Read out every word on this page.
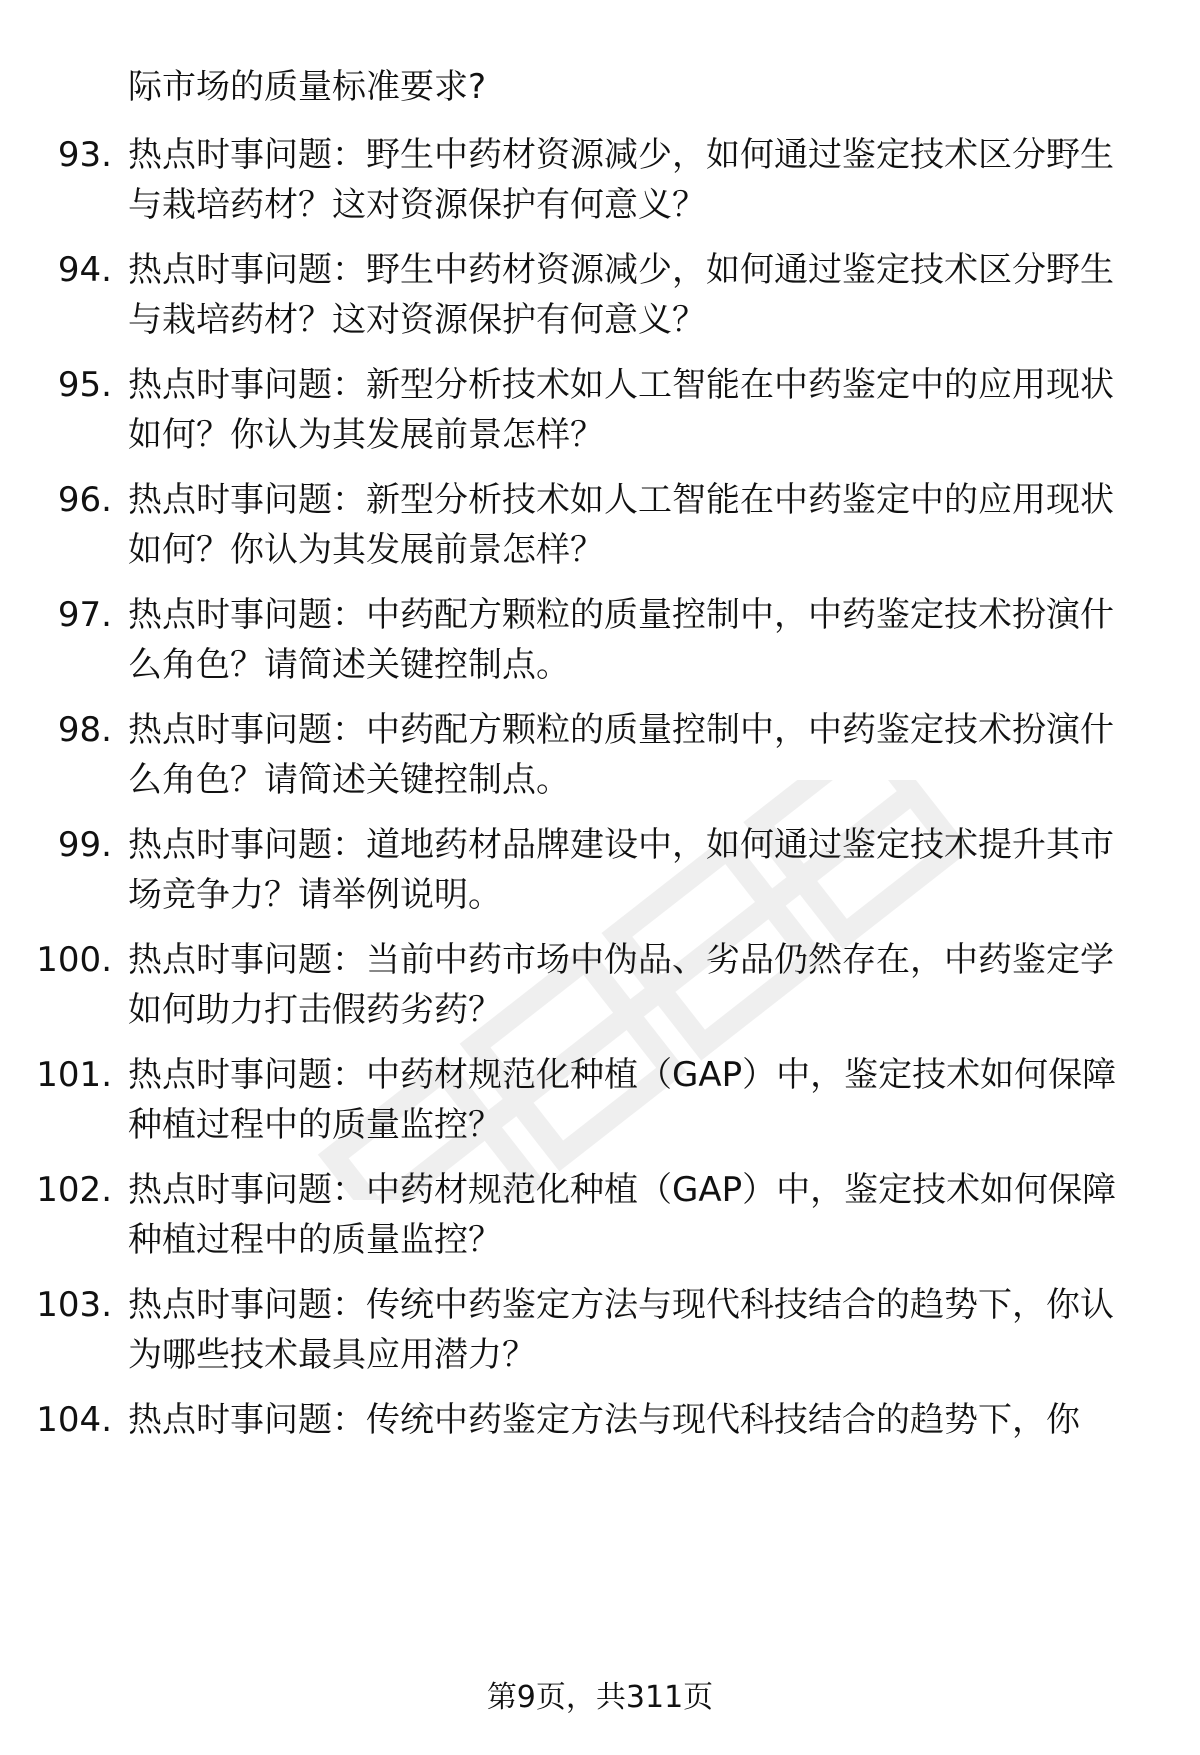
际市场的质量标准要求?

93. 热点时事问题：野生中药材资源减少，如何通过鉴定技术区分野生与栽培药材？这对资源保护有何意义？
94. 热点时事问题：野生中药材资源减少，如何通过鉴定技术区分野生与栽培药材？这对资源保护有何意义？
95. 热点时事问题：新型分析技术如人工智能在中药鉴定中的应用现状如何？你认为其发展前景怎样？
96. 热点时事问题：新型分析技术如人工智能在中药鉴定中的应用现状如何？你认为其发展前景怎样？
97. 热点时事问题：中药配方颗粒的质量控制中，中药鉴定技术扮演什么角色？请简述关键控制点。
98. 热点时事问题：中药配方颗粒的质量控制中，中药鉴定技术扮演什么角色？请简述关键控制点。
99. 热点时事问题：道地药材品牌建设中，如何通过鉴定技术提升其市场竞争力？请举例说明。
100. 热点时事问题：当前中药市场中伪品、劣品仍然存在，中药鉴定学如何助力打击假药劣药？
101. 热点时事问题：中药材规范化种植（GAP）中，鉴定技术如何保障种植过程中的质量监控？
102. 热点时事问题：中药材规范化种植（GAP）中，鉴定技术如何保障种植过程中的质量监控？
103. 热点时事问题：传统中药鉴定方法与现代科技结合的趋势下，你认为哪些技术最具应用潜力？
104. 热点时事问题：传统中药鉴定方法与现代科技结合的趋势下，你
第9页，共311页
